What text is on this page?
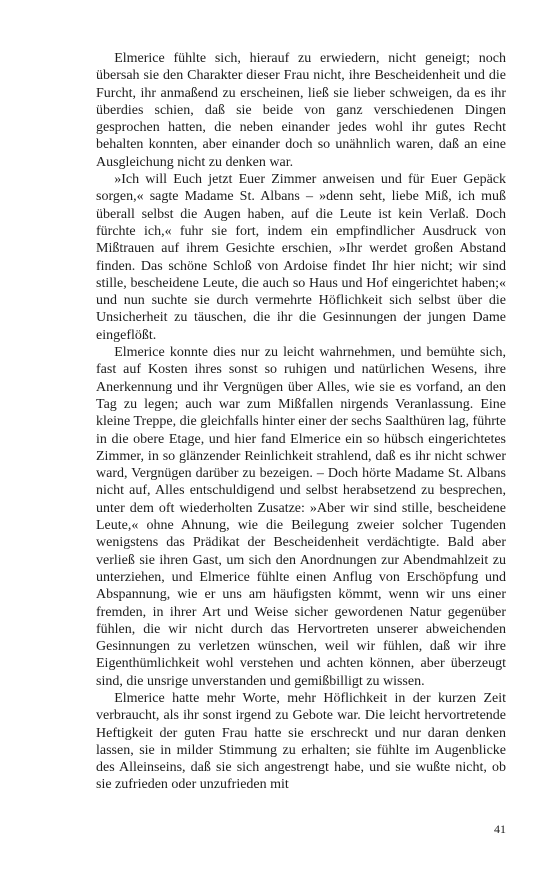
Elmerice fühlte sich, hierauf zu erwiedern, nicht geneigt; noch übersah sie den Charakter dieser Frau nicht, ihre Bescheidenheit und die Furcht, ihr anmaßend zu erscheinen, ließ sie lieber schweigen, da es ihr überdies schien, daß sie beide von ganz verschiedenen Dingen gesprochen hatten, die neben einander jedes wohl ihr gutes Recht behalten konnten, aber einander doch so unähnlich waren, daß an eine Ausgleichung nicht zu denken war.

»Ich will Euch jetzt Euer Zimmer anweisen und für Euer Gepäck sorgen,« sagte Madame St. Albans – »denn seht, liebe Miß, ich muß überall selbst die Augen haben, auf die Leute ist kein Verlaß. Doch fürchte ich,« fuhr sie fort, indem ein empfindlicher Ausdruck von Mißtrauen auf ihrem Gesichte erschien, »Ihr werdet großen Abstand finden. Das schöne Schloß von Ardoise findet Ihr hier nicht; wir sind stille, bescheidene Leute, die auch so Haus und Hof eingerichtet haben;« und nun suchte sie durch vermehrte Höflichkeit sich selbst über die Unsicherheit zu täuschen, die ihr die Gesinnungen der jungen Dame eingeflößt.

Elmerice konnte dies nur zu leicht wahrnehmen, und bemühte sich, fast auf Kosten ihres sonst so ruhigen und natürlichen Wesens, ihre Anerkennung und ihr Vergnügen über Alles, wie sie es vorfand, an den Tag zu legen; auch war zum Mißfallen nirgends Veranlassung. Eine kleine Treppe, die gleichfalls hinter einer der sechs Saalthüren lag, führte in die obere Etage, und hier fand Elmerice ein so hübsch eingerichtetes Zimmer, in so glänzender Reinlichkeit strahlend, daß es ihr nicht schwer ward, Vergnügen darüber zu bezeigen. – Doch hörte Madame St. Albans nicht auf, Alles entschuldigend und selbst herabsetzend zu besprechen, unter dem oft wiederholten Zusatze: »Aber wir sind stille, bescheidene Leute,« ohne Ahnung, wie die Beilegung zweier solcher Tugenden wenigstens das Prädikat der Bescheidenheit verdächtigte. Bald aber verließ sie ihren Gast, um sich den Anordnungen zur Abendmahlzeit zu unterziehen, und Elmerice fühlte einen Anflug von Erschöpfung und Abspannung, wie er uns am häufigsten kömmt, wenn wir uns einer fremden, in ihrer Art und Weise sicher gewordenen Natur gegenüber fühlen, die wir nicht durch das Hervortreten unserer abweichenden Gesinnungen zu verletzen wünschen, weil wir fühlen, daß wir ihre Eigenthümlichkeit wohl verstehen und achten können, aber überzeugt sind, die unsrige unverstanden und gemißbilligt zu wissen.

Elmerice hatte mehr Worte, mehr Höflichkeit in der kurzen Zeit verbraucht, als ihr sonst irgend zu Gebote war. Die leicht hervortretende Heftigkeit der guten Frau hatte sie erschreckt und nur daran denken lassen, sie in milder Stimmung zu erhalten; sie fühlte im Augenblicke des Alleinseins, daß sie sich angestrengt habe, und sie wußte nicht, ob sie zufrieden oder unzufrieden mit

41
